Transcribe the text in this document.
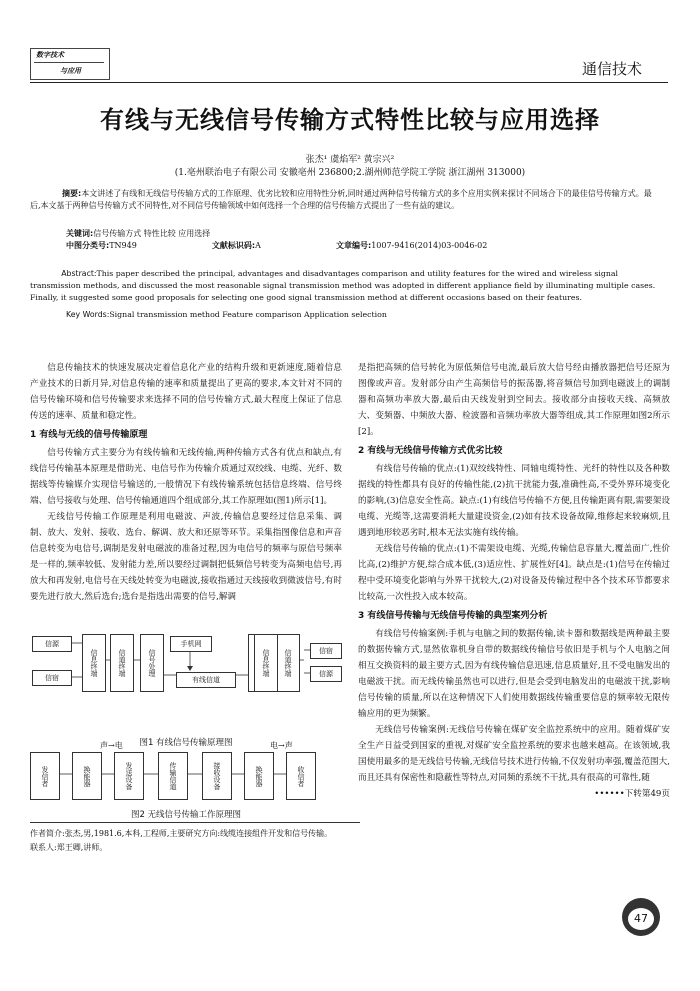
数字技术
与应用	通信技术
有线与无线信号传输方式特性比较与应用选择
张杰¹ 虞焰军² 黄宗兴²
(1.亳州联治电子有限公司 安徽亳州 236800;2.湖州师范学院工学院 浙江湖州 313000)
摘要:本文讲述了有线和无线信号传输方式的工作原理、优劣比较和应用特性分析,同时通过两种信号传输方式的多个应用实例来探讨不同场合下的最佳信号传输方式。最后,本文基于两种信号传输方式不同特性,对不同信号传输领域中如何选择一个合理的信号传输方式提出了一些有益的建议。
关键词:信号传输方式 特性比较 应用选择
中图分类号:TN949	文献标识码:A	文章编号:1007-9416(2014)03-0046-02
Abstract:This paper described the principal, advantages and disadvantages comparison and utility features for the wired and wireless signal transmission methods, and discussed the most reasonable signal transmission method was adopted in different appliance field by illuminating multiple cases. Finally, it suggested some good proposals for selecting one good signal transmission method at different occasions based on their features.
Key Words:Signal transmission method Feature comparison Application selection

信息传输技术的快速发展决定着信息化产业的结构升级和更新速度,随着信息产业技术的日新月异,对信息传输的速率和质量提出了更高的要求,本文针对不同的信号传输环境和信号传输要求来选择不同的信号传输方式,最大程度上保证了信息传送的速率、质量和稳定性。

1 有线与无线的信号传输原理

信号传输方式主要分为有线传输和无线传输,两种传输方式各有优点和缺点,有线信号传输基本原理是借助光、电信号作为传输介质通过双绞线、电缆、光纤、数据线等传输媒介实现信号输送的,一般情况下有线传输系统包括信息终端、信号终端、信号接收与处理、信号传输通道四个组成部分,其工作原理如(图1)所示[1]。

无线信号传输工作原理是利用电磁波、声波,传输信息要经过信息采集、调制、放大、发射、接收、选台、解调、放大和还原等环节。采集指图像信息和声音信息转变为电信号,调制是发射电磁波的准备过程,因为电信号的频率与原信号频率是一样的,频率较低、发射能力差,所以要经过调制把低频信号转变为高频电信号,再放大和再发射,电信号在天线处转变为电磁波,接收指通过天线接收到微波信号,有时要先进行放大,然后选台;选台是指选出需要的信号,解调

信源
信宿
信息终端	信道终端	信号处理
手机网
有线信道
信道终端	信宿
信源
图1 有线信号传输原理图
信息终端
声→电	电→声
发信者	换能器	发送设备	传输信道	接收设备	换能器	收信者

是指把高频的信号转化为原低频信号电流,最后放大信号经由播放器把信号还原为图像或声音。发射部分由产生高频信号的振荡器,将音频信号加到电磁波上的调制器和高频功率放大器,最后由天线发射到空间去。接收部分由接收天线、高频放大、变频器、中频放大器、检波器和音频功率放大器等组成,其工作原理如图2所示[2]。

2 有线与无线信号传输方式优劣比较

有线信号传输的优点:(1)双绞线特性、同轴电缆特性、光纤的特性以及各种数据线的特性都具有良好的传输性能,(2)抗干扰能力强,准确性高,不受外界环境变化的影响,(3)信息安全性高。缺点:(1)有线信号传输不方便,且传输距离有限,需要架设电缆、光缆等,这需要消耗大量建设资金,(2)如有技术设备故障,维修起来较麻烦,且遇到地形较恶劣时,根本无法实施有线传输。

无线信号传输的优点:(1)不需架设电缆、光缆,传输信息容量大,覆盖面广,性价比高,(2)维护方便,综合成本低,(3)适应性、扩展性好[4]。缺点是:(1)信号在传输过程中受环境变化影响与外界干扰较大,(2)对设备及传输过程中各个技术环节都要求比较高,一次性投入成本较高。

3 有线信号传输与无线信号传输的典型案列分析

有线信号传输案例:手机与电脑之间的数据传输,读卡器和数据线是两种最主要的数据传输方式,显然依靠机身自带的数据线传输信号依旧是手机与个人电脑之间相互交换资料的最主要方式,因为有线传输信息迅速,信息质量好,且不受电脑发出的电磁波干扰。而无线传输虽然也可以进行,但是会受到电脑发出的电磁波干扰,影响信号传输的质量,所以在这种情况下人们使用数据线传输重要信息的频率较无限传输应用的更为频繁。

无线信号传输案例:无线信号传输在煤矿安全监控系统中的应用。随着煤矿安全生产日益受到国家的重视,对煤矿安全监控系统的要求也越来越高。在该领域,我国使用最多的是无线信号传输,无线信号技术进行传输,不仅发射功率强,覆盖范围大,而且还具有保密性和隐蔽性等特点,对同频的系统不干扰,具有很高的可靠性,随

••••••下转第49页
作者简介:张杰,男,1981.6,本科,工程师,主要研究方向:线缆连接组件开发和信号传输。
联系人:郑王卿,讲师。
47
图2 无线信号传输工作原理图
